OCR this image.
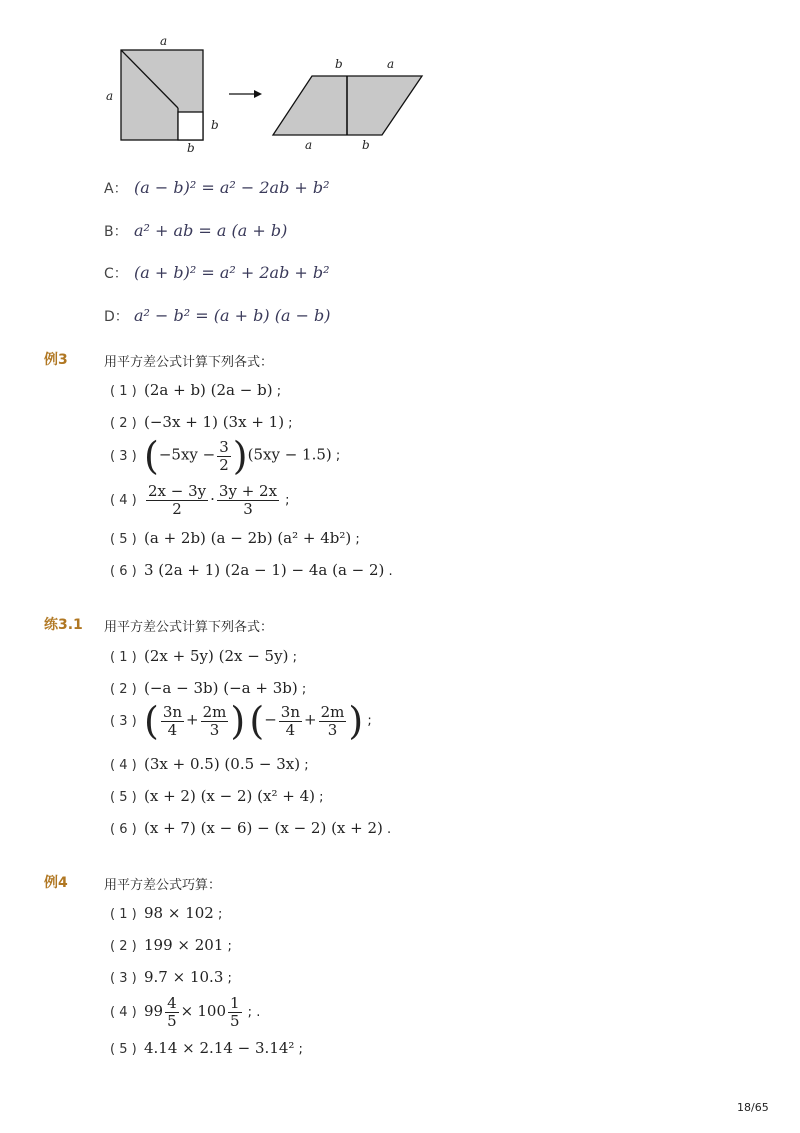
a
a
b
b
b	a
a	b
A： (a − b)² = a² − 2ab + b²
B： a² + ab = a (a + b)
C： (a + b)² = a² + 2ab + b²
D： a² − b² = (a + b) (a − b)
例3	用平方差公式计算下列各式：
( 1 ) (2a + b) (2a − b) ;
( 2 ) (−3x + 1) (3x + 1) ;
( 3 ) $(-5xy - \frac{3}{2} )(5xy - 1.5)$ ;
( 4 ) $\frac{2x - 3y}{2} \cdot \frac{3y + 2x}{3}$ ;
( 5 ) (a + 2b) (a − 2b) (a² + 4b²) ;
( 6 ) 3 (2a + 1) (2a − 1) − 4a (a − 2) .
练3.1 用平方差公式计算下列各式：
( 1 ) (2x + 5y) (2x − 5y) ;
( 2 ) (−a − 3b) (−a + 3b) ;
( 3 ) ( $\frac{3n}{4} + \frac{2m}{3}$ ) (− $\frac{3n}{4} + \frac{2m}{3}$ ) ;
( 4 ) (3x + 0.5) (0.5 − 3x) ;
( 5 ) (x + 2) (x − 2) (x² + 4) ;
( 6 ) (x + 7) (x − 6) − (x − 2) (x + 2) .
例4	用平方差公式巧算：
( 1 ) 98 × 102 ;
( 2 ) 199 × 201 ;
( 3 ) 9.7 × 10.3 ;
( 4 ) $99 \frac{4}{5} \times 100 \frac{1}{5}$ ; .
( 5 ) 4.14 × 2.14 − 3.14² ;
18/65
